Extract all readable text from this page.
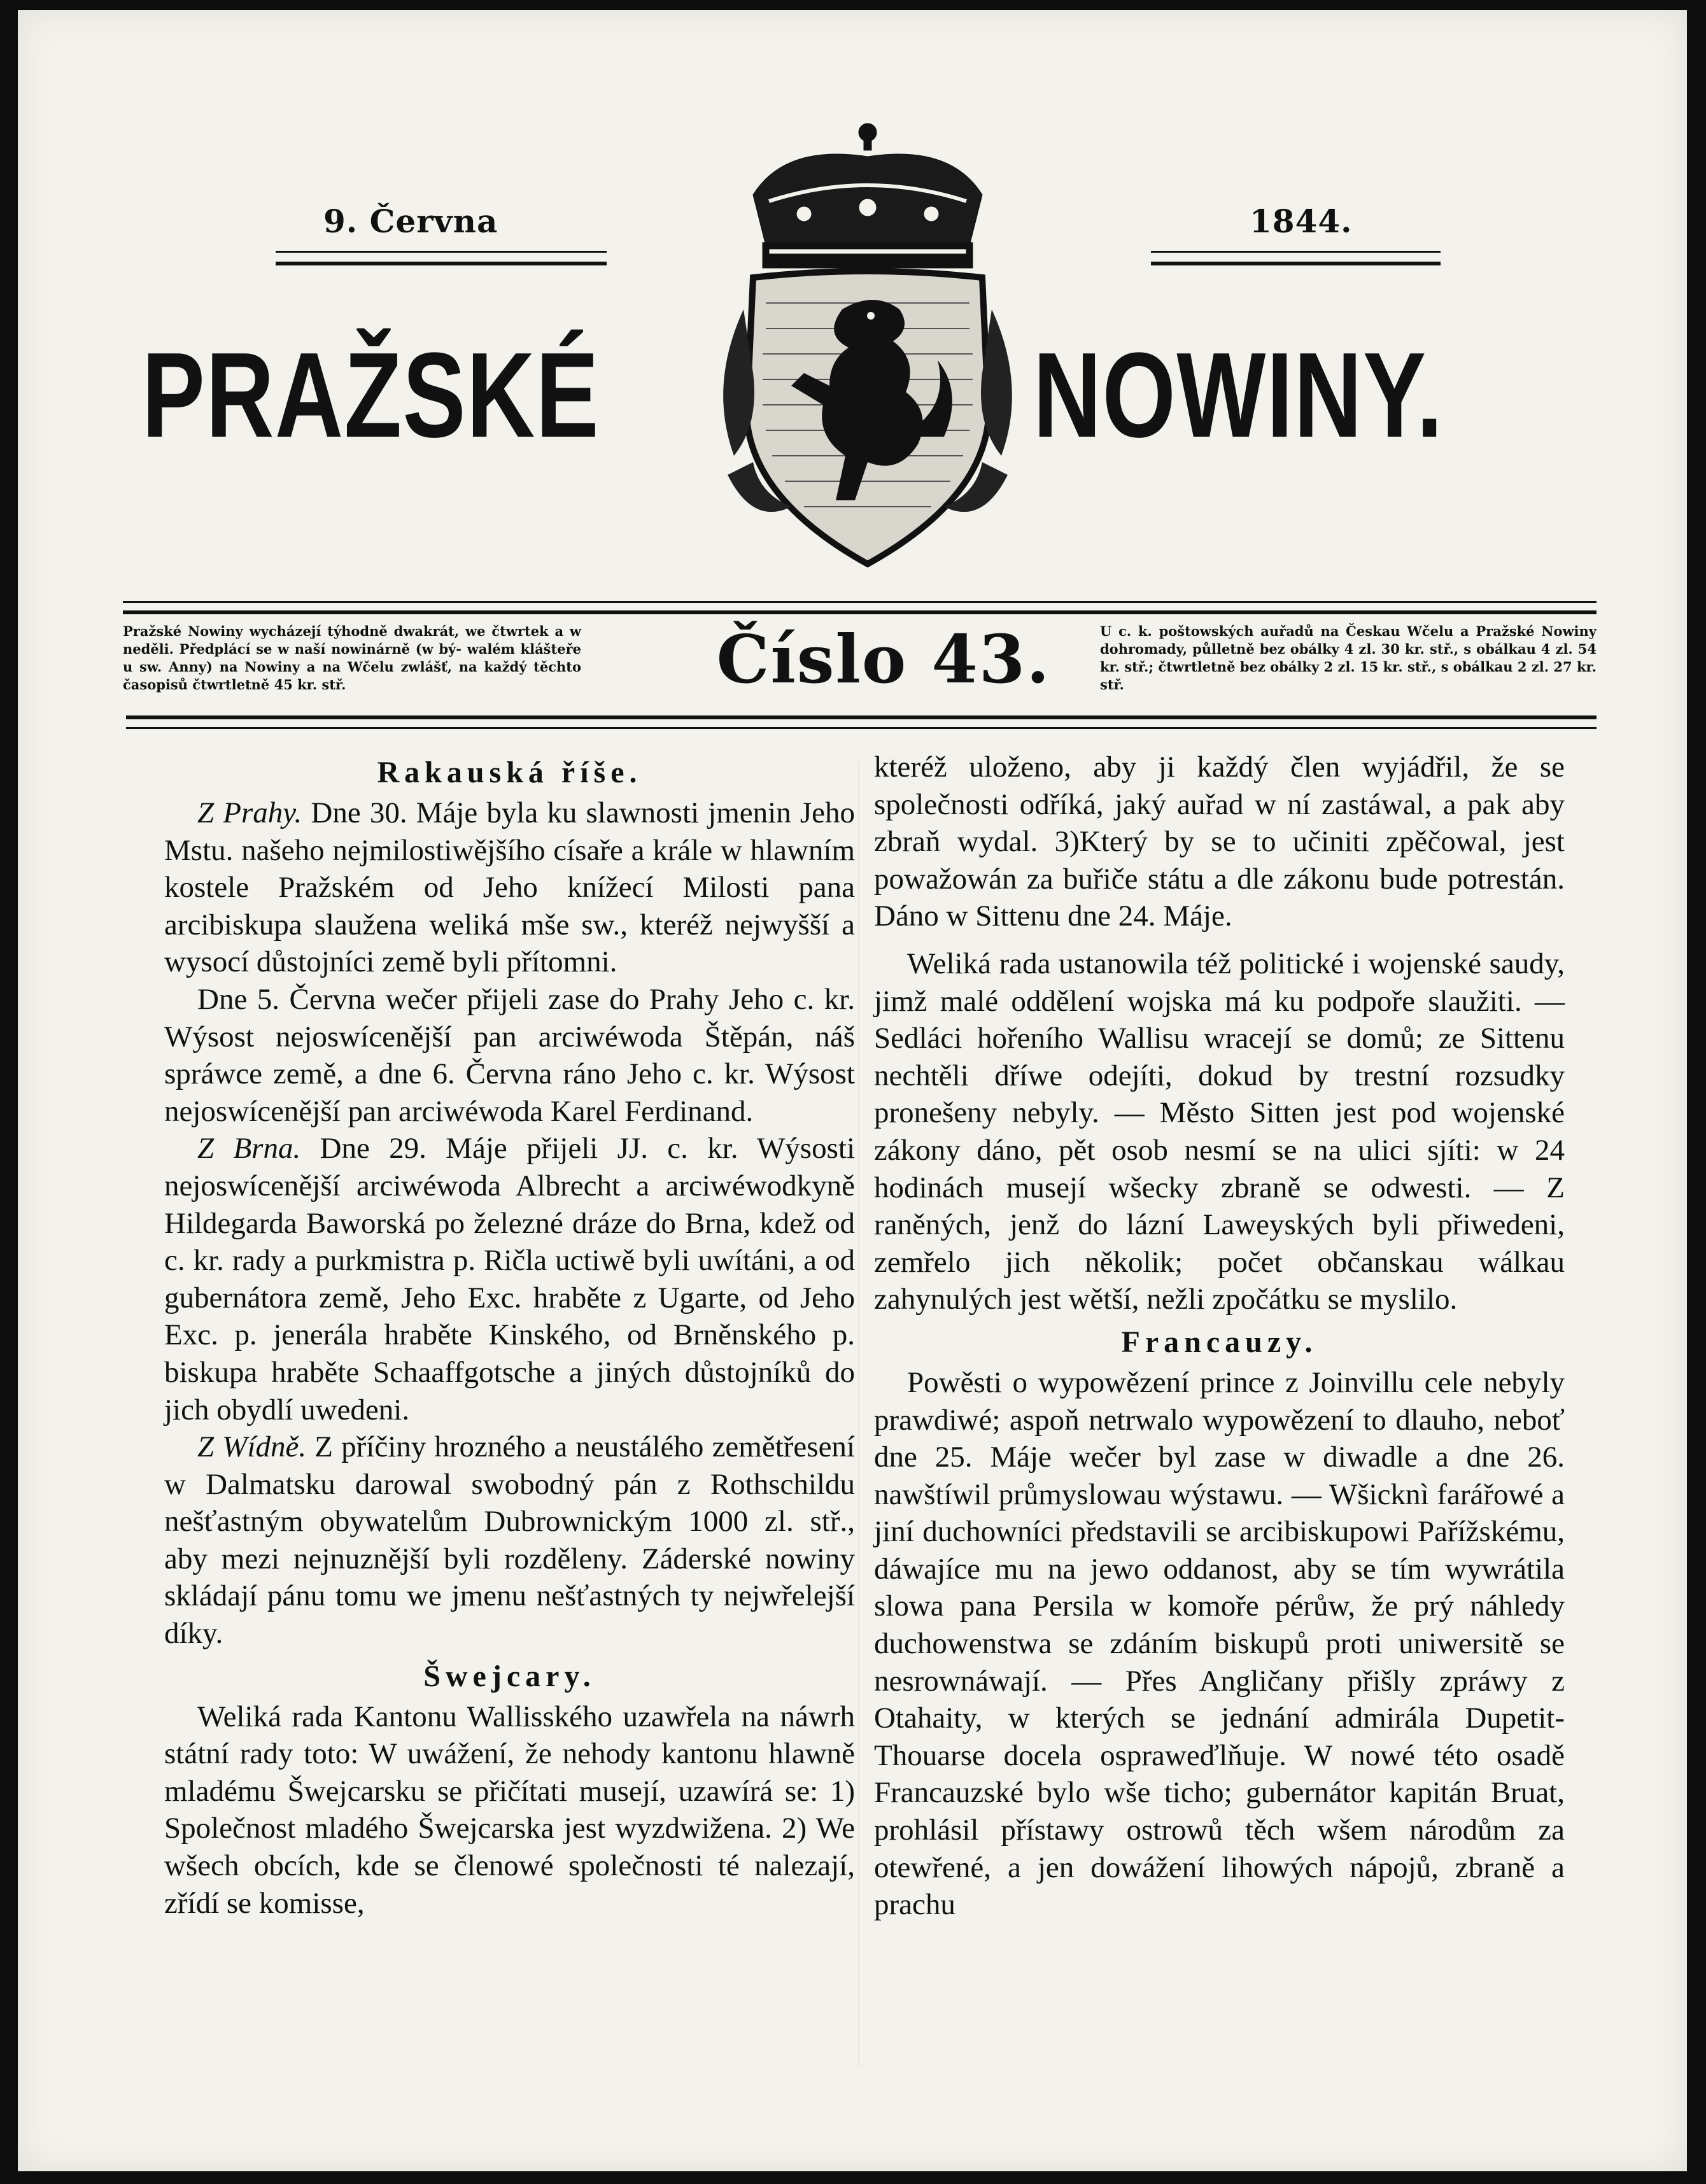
9. Června	1844.
PRAŽSKÉ	NOWINY.
Pražské Nowiny wycházejí týhodně dwakrát, we čtwrtek a w neděli. Předplácí se w naší nowinárně (w bý- walém klášteře u sw. Anny) na Nowiny a na Wčelu zwlášť, na každý těchto časopisů čtwrtletně 45 kr. stř.	Číslo 43.	U c. k. poštowských auřadů na Českau Wčelu a Pražské Nowiny dohromady, půlletně bez obálky 4 zl. 30 kr. stř., s obálkau 4 zl. 54 kr. stř.; čtwrtletně bez obálky 2 zl. 15 kr. stř., s obálkau 2 zl. 27 kr. stř.
Rakauská říše.

Z Prahy. Dne 30. Máje byla ku slawnosti jmenin Jeho Mstu. našeho nejmilostiwějšího císaře a krále w hlawním kostele Pražském od Jeho knížecí Milosti pana arcibiskupa slaužena weliká mše sw., kteréž nejwyšší a wysocí důstojníci země byli přítomni.

Dne 5. Června wečer přijeli zase do Prahy Jeho c. kr. Wýsost nejoswícenější pan arciwéwoda Štěpán, náš spráwce země, a dne 6. Června ráno Jeho c. kr. Wýsost nejoswícenější pan arciwéwoda Karel Ferdinand.

Z Brna. Dne 29. Máje přijeli JJ. c. kr. Wýsosti nejoswícenější arciwéwoda Albrecht a arciwéwodkyně Hildegarda Baworská po železné dráze do Brna, kdež od c. kr. rady a purkmistra p. Ričla uctiwě byli uwítáni, a od gubernátora země, Jeho Exc. hraběte z Ugarte, od Jeho Exc. p. jenerála hraběte Kinského, od Brněnského p. biskupa hraběte Schaaffgotsche a jiných důstojníků do jich obydlí uwedeni.

Z Wídně. Z příčiny hrozného a neustálého zemětřesení w Dalmatsku darowal swobodný pán z Rothschildu nešťastným obywatelům Dubrownickým 1000 zl. stř., aby mezi nejnuznější byli rozděleny. Záderské nowiny skládají pánu tomu we jmenu nešťastných ty nejwřelejší díky.

Šwejcary.

Weliká rada Kantonu Wallisského uzawřela na náwrh státní rady toto: W uwážení, že nehody kantonu hlawně mladému Šwejcarsku se přičítati musejí, uzawírá se: 1) Společnost mladého Šwejcarska jest wyzdwižena. 2) We wšech obcích, kde se členowé společnosti té nalezají, zřídí se komisse,

kteréž uloženo, aby ji každý člen wyjádřil, že se společnosti odříká, jaký auřad w ní zastáwal, a pak aby zbraň wydal. 3)Který by se to učiniti zpěčowal, jest powažowán za buřiče státu a dle zákonu bude potrestán. Dáno w Sittenu dne 24. Máje.

Weliká rada ustanowila též politické i wojenské saudy, jimž malé oddělení wojska má ku podpoře slaužiti. — Sedláci hořeního Wallisu wracejí se domů; ze Sittenu nechtěli dříwe odejíti, dokud by trestní rozsudky pronešeny nebyly. — Město Sitten jest pod wojenské zákony dáno, pět osob nesmí se na ulici sjíti: w 24 hodinách musejí wšecky zbraně se odwesti. — Z raněných, jenž do lázní Laweyských byli přiwedeni, zemřelo jich několik; počet občanskau wálkau zahynulých jest wětší, nežli zpočátku se myslilo.

Francauzy.

Powěsti o wypowězení prince z Joinvillu cele nebyly prawdiwé; aspoň netrwalo wypowězení to dlauho, neboť dne 25. Máje wečer byl zase w diwadle a dne 26. nawštíwil průmyslowau wýstawu. — Wšicknì farářowé a jiní duchowníci představili se arcibiskupowi Pařížskému, dáwajíce mu na jewo oddanost, aby se tím wywrátila slowa pana Persila w komoře pérůw, že prý náhledy duchowenstwa se zdáním biskupů proti uniwersitě se nesrownáwají. — Přes Angličany přišly zpráwy z Otahaity, w kterých se jednání admirála Dupetit-Thouarse docela ospraweďlňuje. W nowé této osadě Francauzské bylo wše ticho; gubernátor kapitán Bruat, prohlásil přístawy ostrowů těch wšem národům za otewřené, a jen dowážení lihowých nápojů, zbraně a prachu
